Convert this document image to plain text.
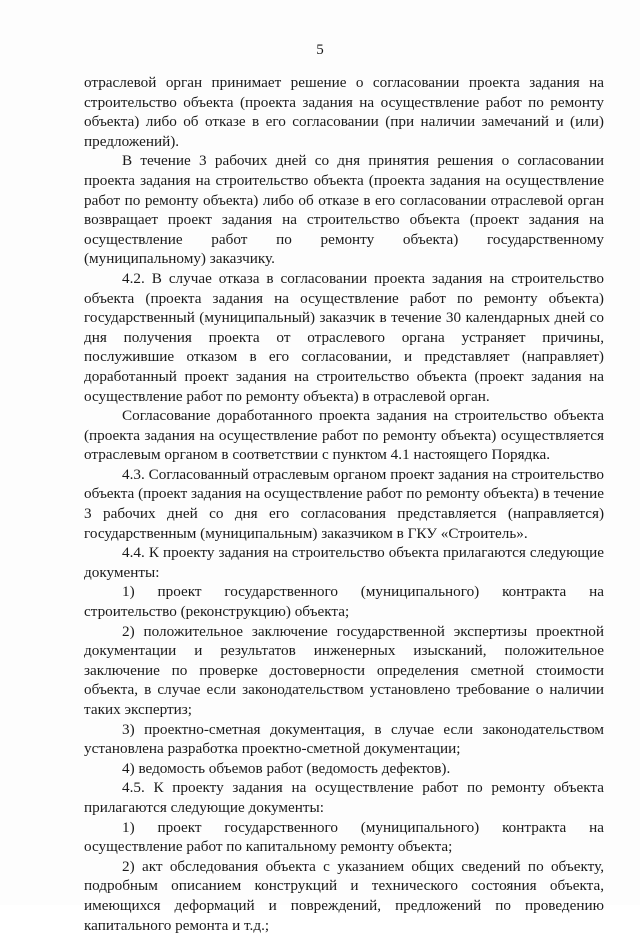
5

отраслевой орган принимает решение о согласовании проекта задания на строительство объекта (проекта задания на осуществление работ по ремонту объекта) либо об отказе в его согласовании (при наличии замечаний и (или) предложений).

В течение 3 рабочих дней со дня принятия решения о согласовании проекта задания на строительство объекта (проекта задания на осуществление работ по ремонту объекта) либо об отказе в его согласовании отраслевой орган возвращает проект задания на строительство объекта (проект задания на осуществление работ по ремонту объекта) государственному (муниципальному) заказчику.

4.2. В случае отказа в согласовании проекта задания на строительство объекта (проекта задания на осуществление работ по ремонту объекта) государственный (муниципальный) заказчик в течение 30 календарных дней со дня получения проекта от отраслевого органа устраняет причины, послужившие отказом в его согласовании, и представляет (направляет) доработанный проект задания на строительство объекта (проект задания на осуществление работ по ремонту объекта) в отраслевой орган.

Согласование доработанного проекта задания на строительство объекта (проекта задания на осуществление работ по ремонту объекта) осуществляется отраслевым органом в соответствии с пунктом 4.1 настоящего Порядка.

4.3. Согласованный отраслевым органом проект задания на строительство объекта (проект задания на осуществление работ по ремонту объекта) в течение 3 рабочих дней со дня его согласования представляется (направляется) государственным (муниципальным) заказчиком в ГКУ «Строитель».

4.4. К проекту задания на строительство объекта прилагаются следующие документы:

1) проект государственного (муниципального) контракта на строительство (реконструкцию) объекта;

2) положительное заключение государственной экспертизы проектной документации и результатов инженерных изысканий, положительное заключение по проверке достоверности определения сметной стоимости объекта, в случае если законодательством установлено требование о наличии таких экспертиз;

3) проектно-сметная документация, в случае если законодательством установлена разработка проектно-сметной документации;

4) ведомость объемов работ (ведомость дефектов).

4.5. К проекту задания на осуществление работ по ремонту объекта прилагаются следующие документы:

1) проект государственного (муниципального) контракта на осуществление работ по капитальному ремонту объекта;

2) акт обследования объекта с указанием общих сведений по объекту, подробным описанием конструкций и технического состояния объекта, имеющихся деформаций и повреждений, предложений по проведению капитального ремонта и т.д.;
